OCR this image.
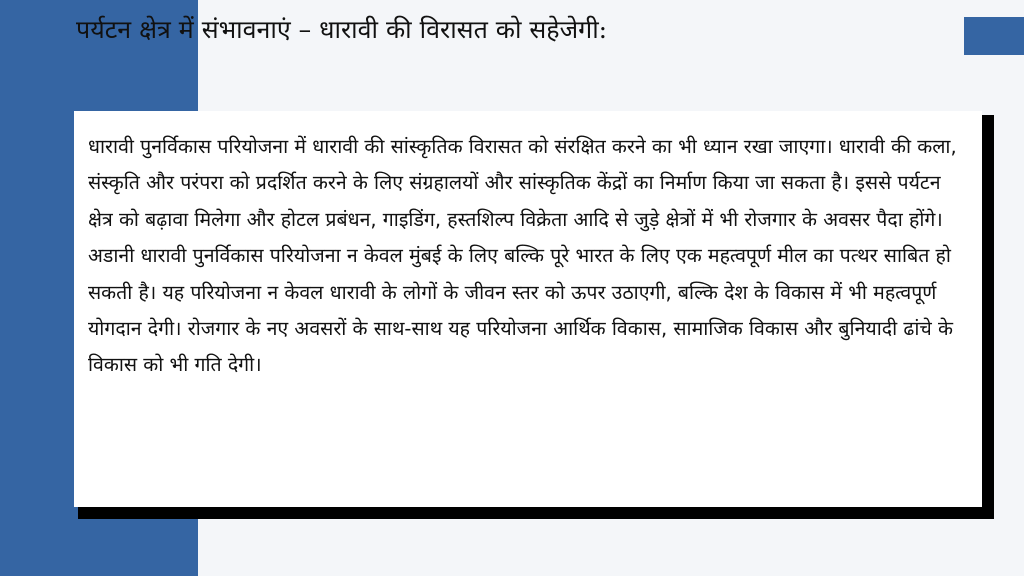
पर्यटन क्षेत्र में संभावनाएं – धारावी की विरासत को सहेजेगी:

धारावी पुनर्विकास परियोजना में धारावी की सांस्कृतिक विरासत को संरक्षित करने का भी ध्यान रखा जाएगा। धारावी की कला, संस्कृति और परंपरा को प्रदर्शित करने के लिए संग्रहालयों और सांस्कृतिक केंद्रों का निर्माण किया जा सकता है। इससे पर्यटन क्षेत्र को बढ़ावा मिलेगा और होटल प्रबंधन, गाइडिंग, हस्तशिल्प विक्रेता आदि से जुड़े क्षेत्रों में भी रोजगार के अवसर पैदा होंगे। अडानी धारावी पुनर्विकास परियोजना न केवल मुंबई के लिए बल्कि पूरे भारत के लिए एक महत्वपूर्ण मील का पत्थर साबित हो सकती है। यह परियोजना न केवल धारावी के लोगों के जीवन स्तर को ऊपर उठाएगी, बल्कि देश के विकास में भी महत्वपूर्ण योगदान देगी। रोजगार के नए अवसरों के साथ-साथ यह परियोजना आर्थिक विकास, सामाजिक विकास और बुनियादी ढांचे के विकास को भी गति देगी।
